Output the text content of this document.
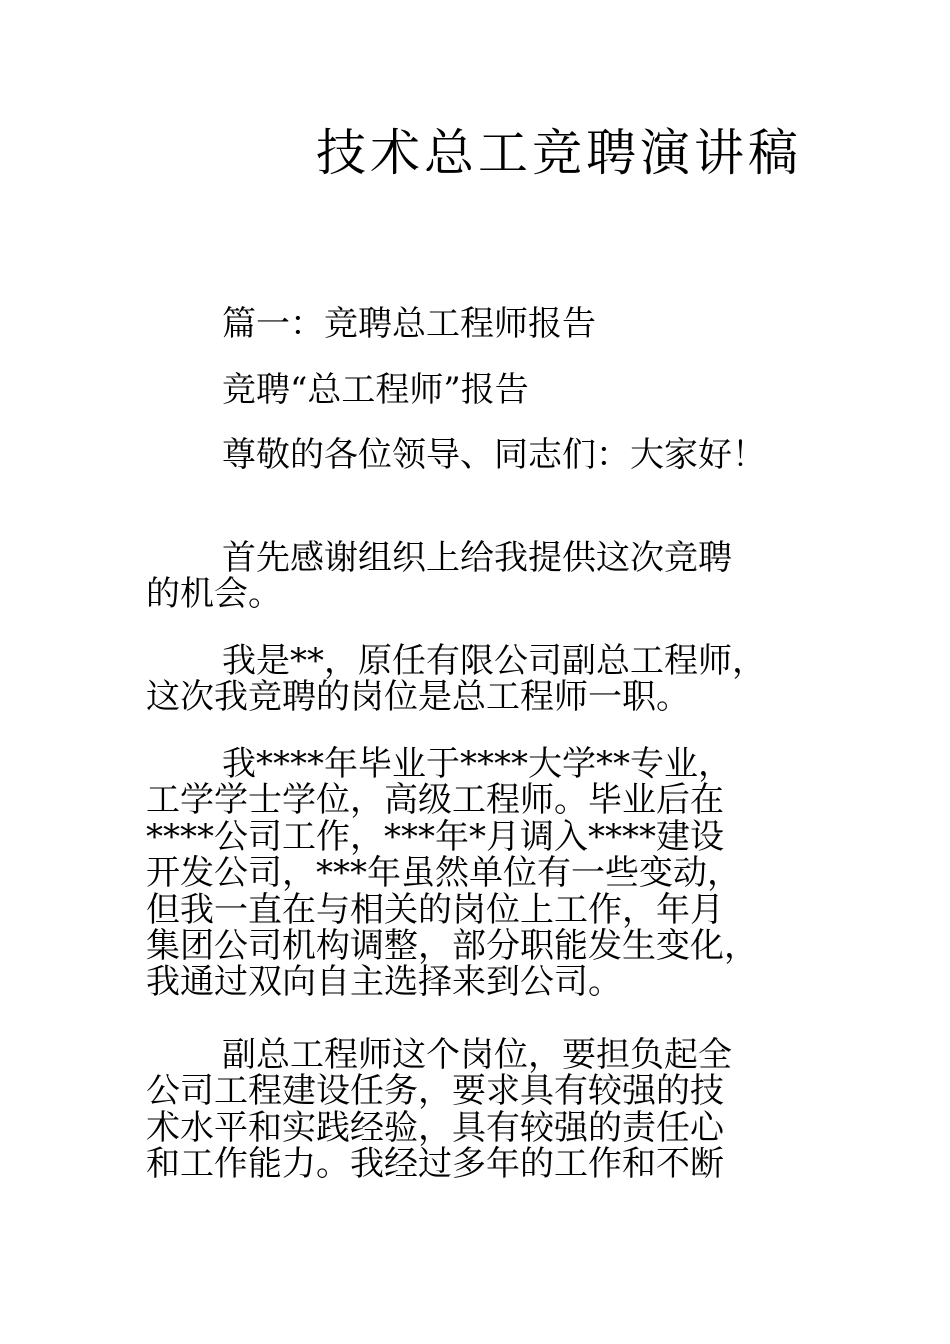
技术总工竞聘演讲稿

篇一：竞聘总工程师报告

竞聘“总工程师”报告

尊敬的各位领导、同志们：大家好！

首先感谢组织上给我提供这次竞聘
的机会。
我是**，原任有限公司副总工程师，
这次我竞聘的岗位是总工程师一职。
我****年毕业于****大学**专业，
工学学士学位，高级工程师。毕业后在
****公司工作，***年*月调入****建设
开发公司，***年虽然单位有一些变动，
但我一直在与相关的岗位上工作，年月
集团公司机构调整，部分职能发生变化，
我通过双向自主选择来到公司。
副总工程师这个岗位，要担负起全
公司工程建设任务，要求具有较强的技
术水平和实践经验，具有较强的责任心
和工作能力。我经过多年的工作和不断
